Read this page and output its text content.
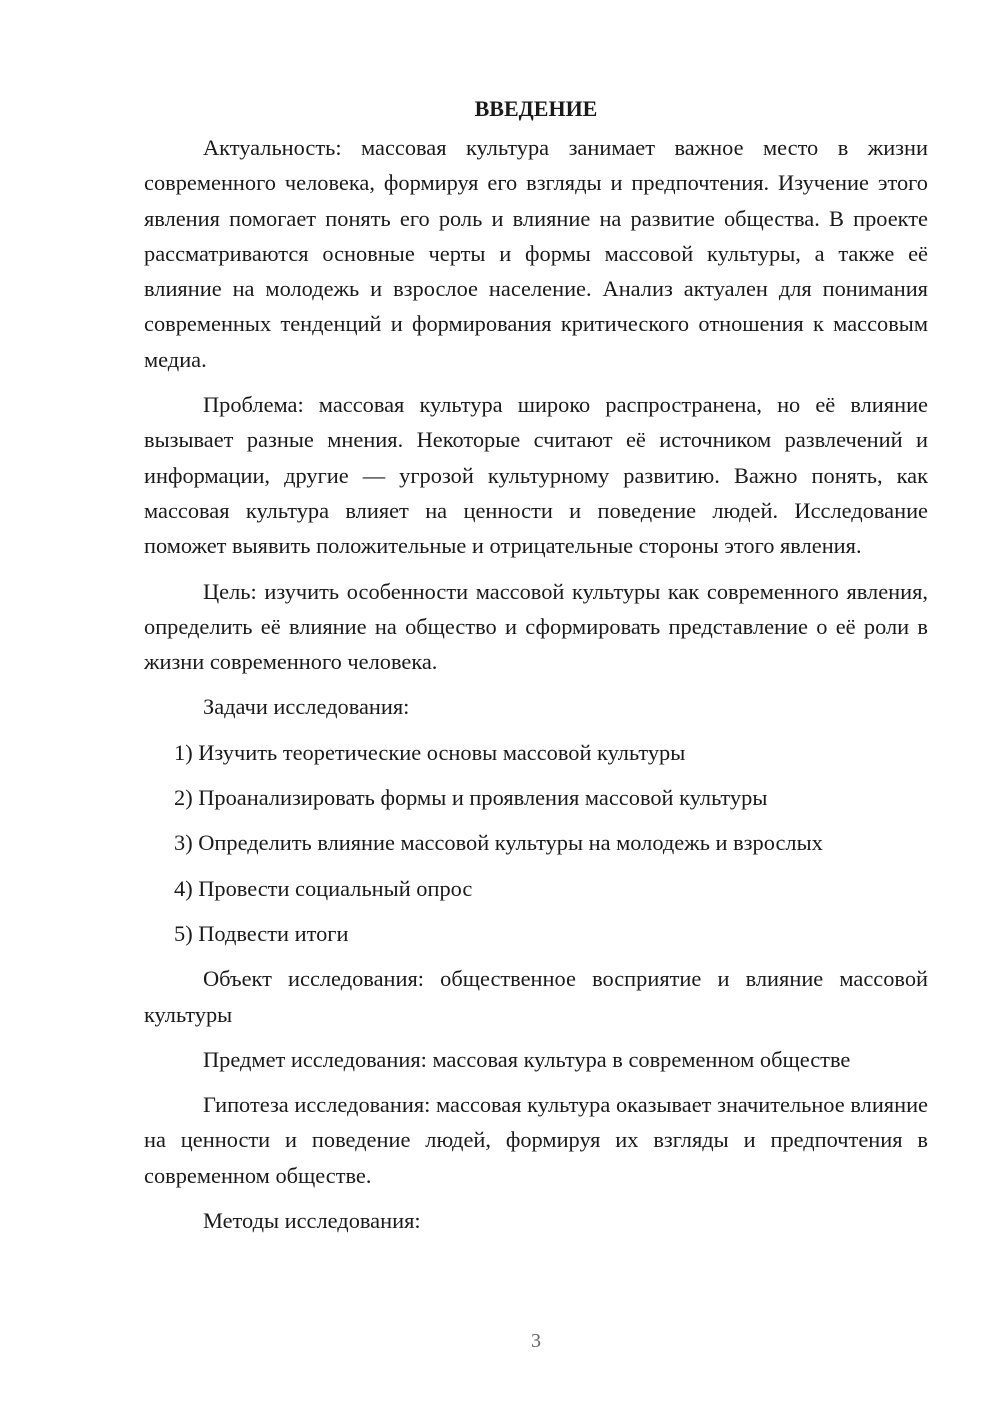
ВВЕДЕНИЕ

Актуальность: массовая культура занимает важное место в жизни современного человека, формируя его взгляды и предпочтения. Изучение этого явления помогает понять его роль и влияние на развитие общества. В проекте рассматриваются основные черты и формы массовой культуры, а также её влияние на молодежь и взрослое население. Анализ актуален для понимания современных тенденций и формирования критического отношения к массовым медиа.

Проблема: массовая культура широко распространена, но её влияние вызывает разные мнения. Некоторые считают её источником развлечений и информации, другие — угрозой культурному развитию. Важно понять, как массовая культура влияет на ценности и поведение людей. Исследование поможет выявить положительные и отрицательные стороны этого явления.

Цель: изучить особенности массовой культуры как современного явления, определить её влияние на общество и сформировать представление о её роли в жизни современного человека.

Задачи исследования:

1) Изучить теоретические основы массовой культуры

2) Проанализировать формы и проявления массовой культуры

3) Определить влияние массовой культуры на молодежь и взрослых

4) Провести социальный опрос

5) Подвести итоги

Объект исследования: общественное восприятие и влияние массовой культуры

Предмет исследования: массовая культура в современном обществе

Гипотеза исследования: массовая культура оказывает значительное влияние на ценности и поведение людей, формируя их взгляды и предпочтения в современном обществе.

Методы исследования:

3
